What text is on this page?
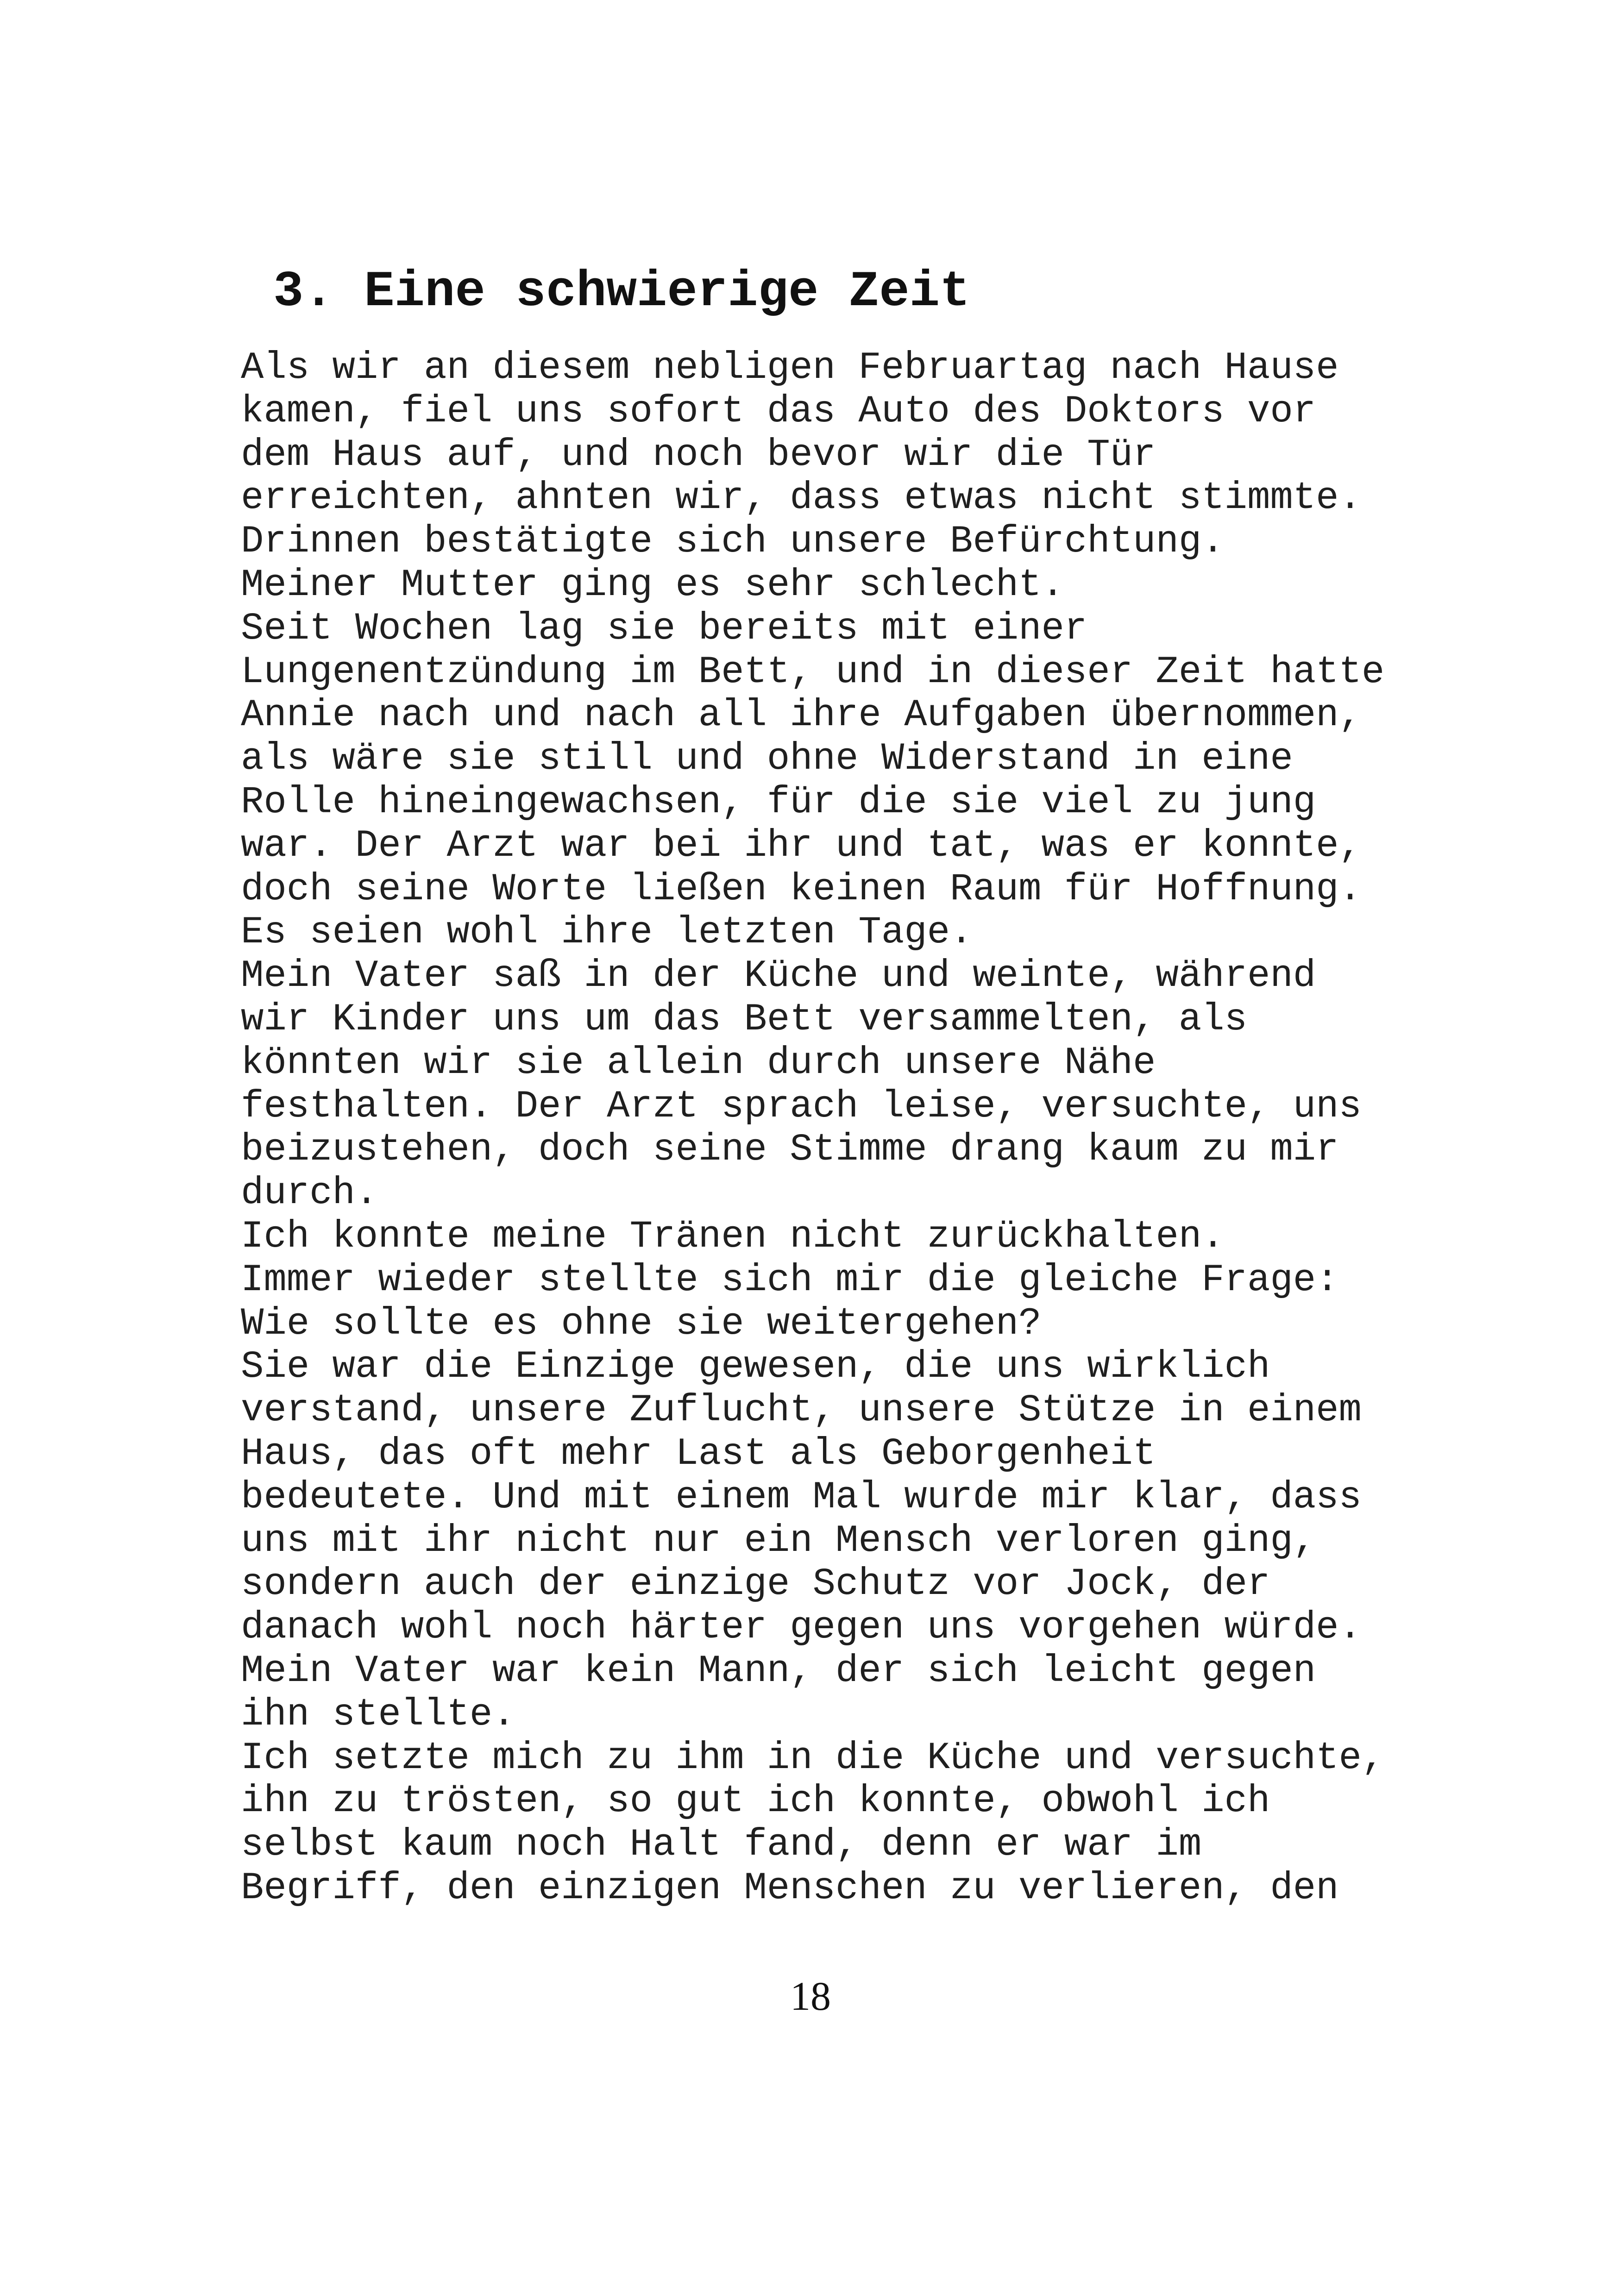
3. Eine schwierige Zeit
Als wir an diesem nebligen Februartag nach Hause
kamen, fiel uns sofort das Auto des Doktors vor
dem Haus auf, und noch bevor wir die Tür
erreichten, ahnten wir, dass etwas nicht stimmte.
Drinnen bestätigte sich unsere Befürchtung.
Meiner Mutter ging es sehr schlecht.
Seit Wochen lag sie bereits mit einer
Lungenentzündung im Bett, und in dieser Zeit hatte
Annie nach und nach all ihre Aufgaben übernommen,
als wäre sie still und ohne Widerstand in eine
Rolle hineingewachsen, für die sie viel zu jung
war. Der Arzt war bei ihr und tat, was er konnte,
doch seine Worte ließen keinen Raum für Hoffnung.
Es seien wohl ihre letzten Tage.
Mein Vater saß in der Küche und weinte, während
wir Kinder uns um das Bett versammelten, als
könnten wir sie allein durch unsere Nähe
festhalten. Der Arzt sprach leise, versuchte, uns
beizustehen, doch seine Stimme drang kaum zu mir
durch.
Ich konnte meine Tränen nicht zurückhalten.
Immer wieder stellte sich mir die gleiche Frage:
Wie sollte es ohne sie weitergehen?
Sie war die Einzige gewesen, die uns wirklich
verstand, unsere Zuflucht, unsere Stütze in einem
Haus, das oft mehr Last als Geborgenheit
bedeutete. Und mit einem Mal wurde mir klar, dass
uns mit ihr nicht nur ein Mensch verloren ging,
sondern auch der einzige Schutz vor Jock, der
danach wohl noch härter gegen uns vorgehen würde.
Mein Vater war kein Mann, der sich leicht gegen
ihn stellte.
Ich setzte mich zu ihm in die Küche und versuchte,
ihn zu trösten, so gut ich konnte, obwohl ich
selbst kaum noch Halt fand, denn er war im
Begriff, den einzigen Menschen zu verlieren, den
18
